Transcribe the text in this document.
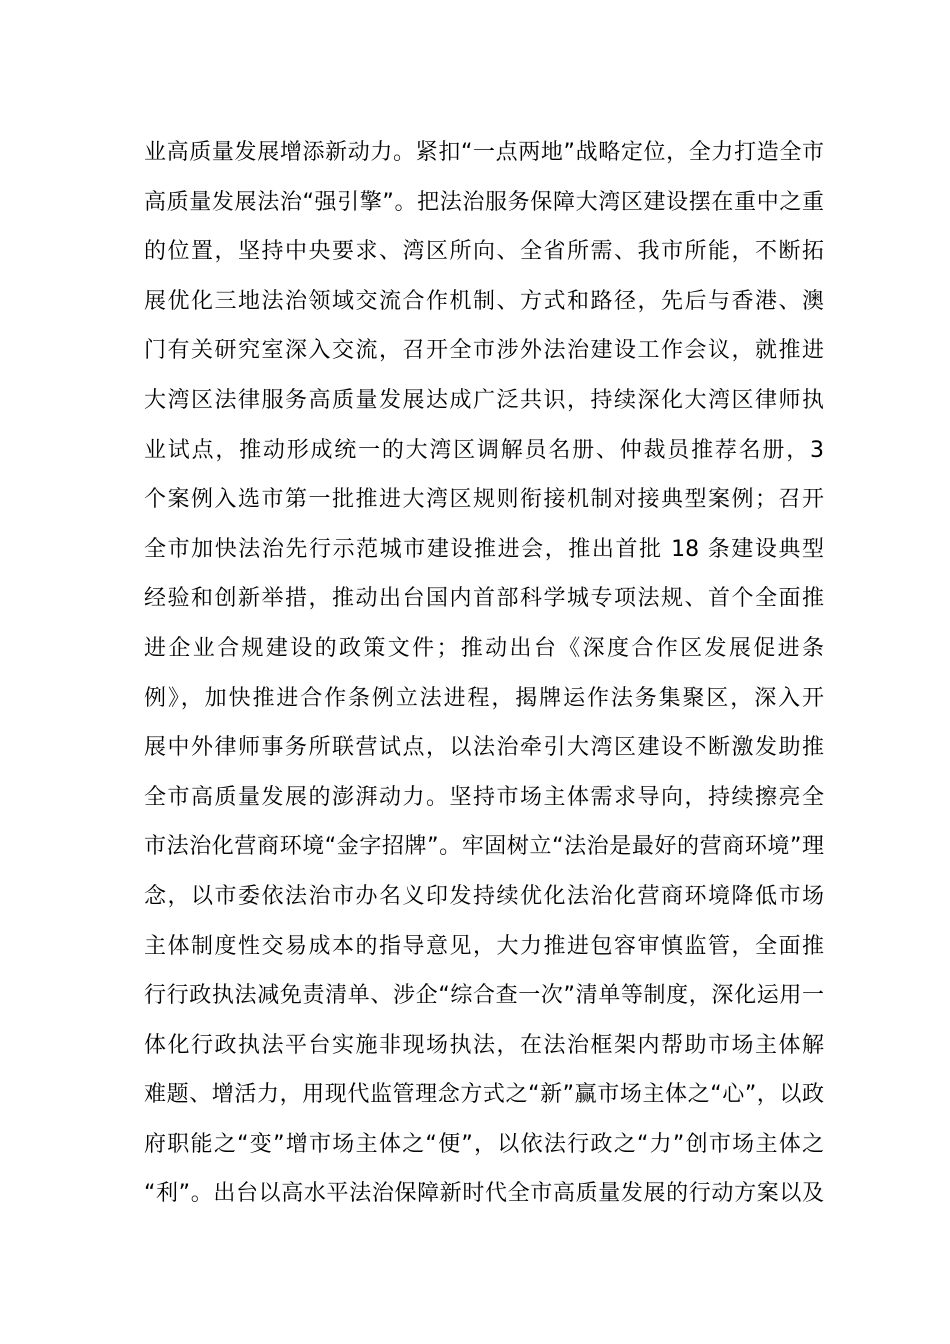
业高质量发展增添新动力。紧扣“一点两地”战略定位，全力打造全市
高质量发展法治“强引擎”。把法治服务保障大湾区建设摆在重中之重
的位置，坚持中央要求、湾区所向、全省所需、我市所能，不断拓
展优化三地法治领域交流合作机制、方式和路径，先后与香港、澳
门有关研究室深入交流，召开全市涉外法治建设工作会议，就推进
大湾区法律服务高质量发展达成广泛共识，持续深化大湾区律师执
业试点，推动形成统一的大湾区调解员名册、仲裁员推荐名册，3
个案例入选市第一批推进大湾区规则衔接机制对接典型案例；召开
全市加快法治先行示范城市建设推进会，推出首批 18 条建设典型
经验和创新举措，推动出台国内首部科学城专项法规、首个全面推
进企业合规建设的政策文件；推动出台《深度合作区发展促进条
例》，加快推进合作条例立法进程，揭牌运作法务集聚区，深入开
展中外律师事务所联营试点，以法治牵引大湾区建设不断激发助推
全市高质量发展的澎湃动力。坚持市场主体需求导向，持续擦亮全
市法治化营商环境“金字招牌”。牢固树立“法治是最好的营商环境”理
念，以市委依法治市办名义印发持续优化法治化营商环境降低市场
主体制度性交易成本的指导意见，大力推进包容审慎监管，全面推
行行政执法减免责清单、涉企“综合查一次”清单等制度，深化运用一
体化行政执法平台实施非现场执法，在法治框架内帮助市场主体解
难题、增活力，用现代监管理念方式之“新”赢市场主体之“心”，以政
府职能之“变”增市场主体之“便”，以依法行政之“力”创市场主体之
“利”。出台以高水平法治保障新时代全市高质量发展的行动方案以及
